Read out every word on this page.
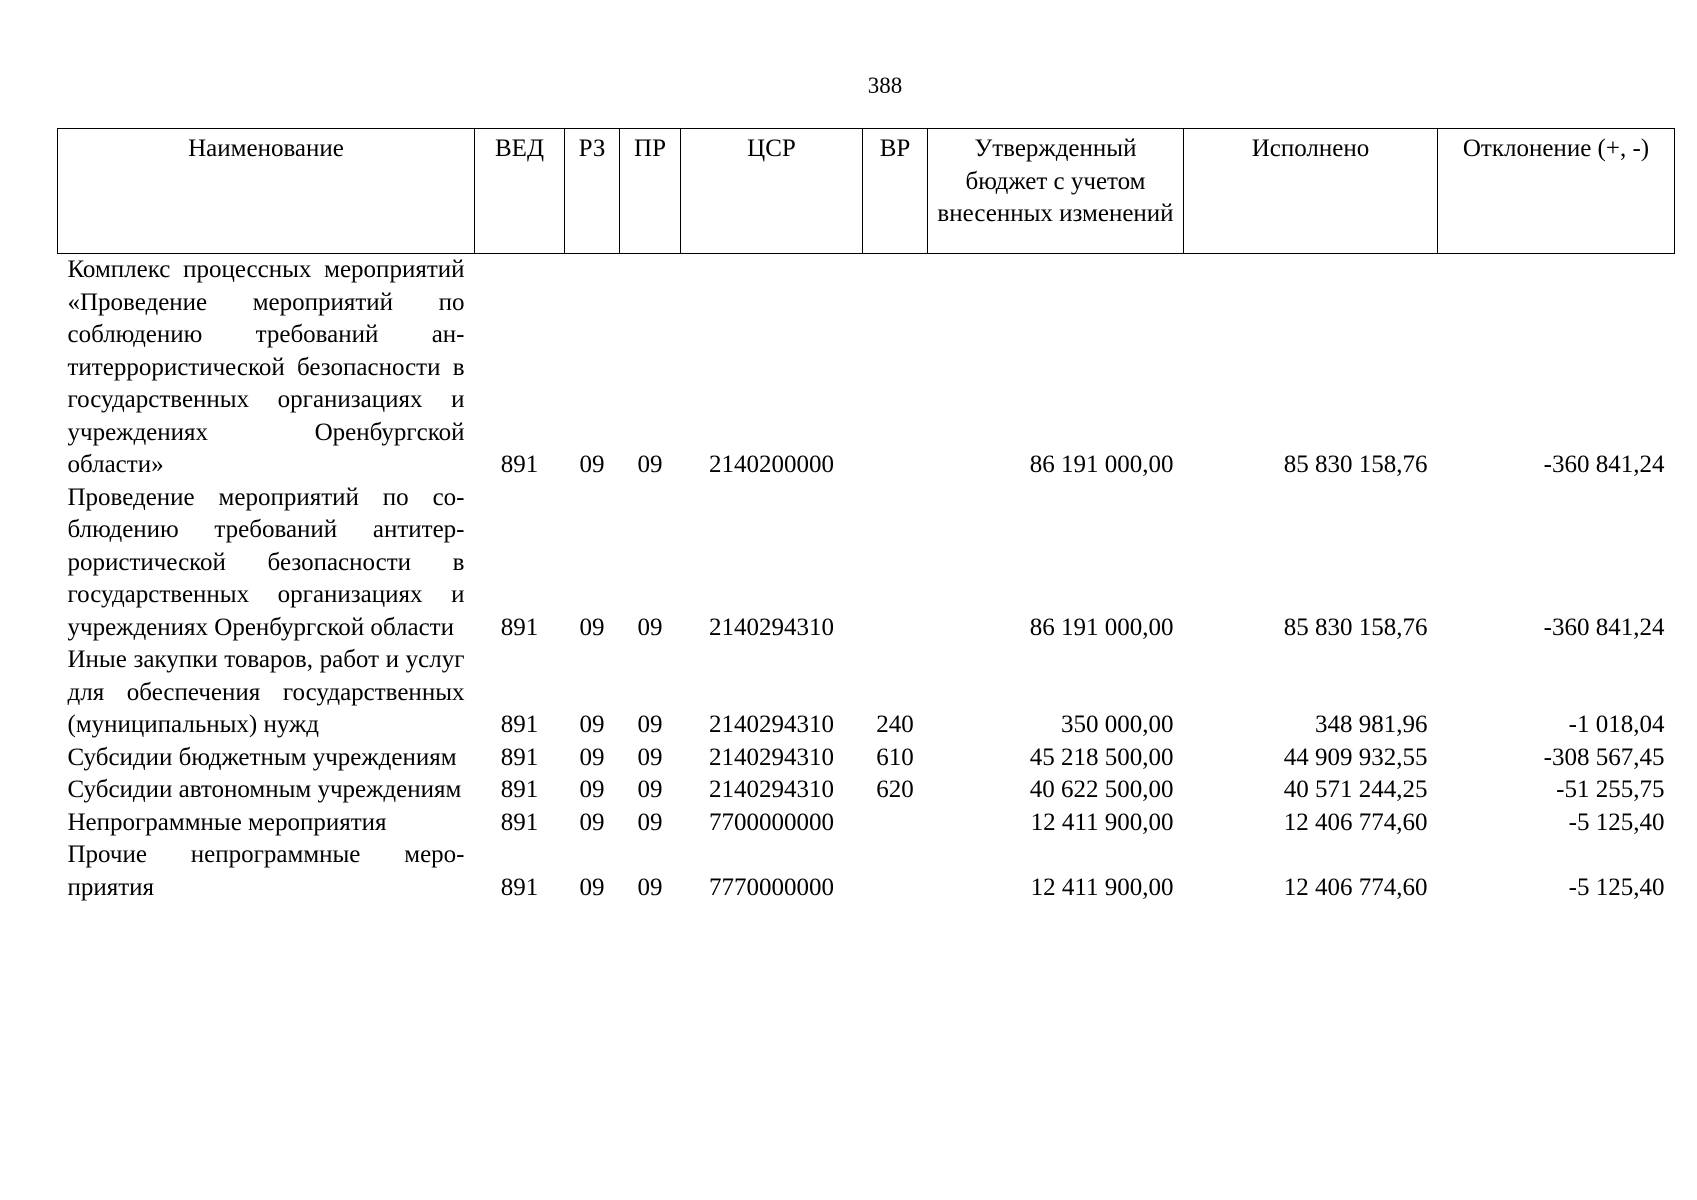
388
Наименование	ВЕД	РЗ	ПР	ЦСР	ВР	Утвержденный бюджет с учетом внесенных изменений	Исполнено	Отклонение (+, -)
Комплекс процессных мероприятий «Проведение мероприятий по соблюдению требований антитеррористической безопасности в государственных организациях и учреждениях Оренбургской области»	891	09	09	2140200000		86 191 000,00	85 830 158,76	-360 841,24
Проведение мероприятий по соблюдению требований антитеррористической безопасности в государственных организациях и учреждениях Оренбургской области	891	09	09	2140294310		86 191 000,00	85 830 158,76	-360 841,24
Иные закупки товаров, работ и услуг для обеспечения государственных (муниципальных) нужд	891	09	09	2140294310	240	350 000,00	348 981,96	-1 018,04
Субсидии бюджетным учреждениям	891	09	09	2140294310	610	45 218 500,00	44 909 932,55	-308 567,45
Субсидии автономным учреждениям	891	09	09	2140294310	620	40 622 500,00	40 571 244,25	-51 255,75
Непрограммные мероприятия	891	09	09	7700000000		12 411 900,00	12 406 774,60	-5 125,40
Прочие непрограммные мероприятия	891	09	09	7770000000		12 411 900,00	12 406 774,60	-5 125,40
